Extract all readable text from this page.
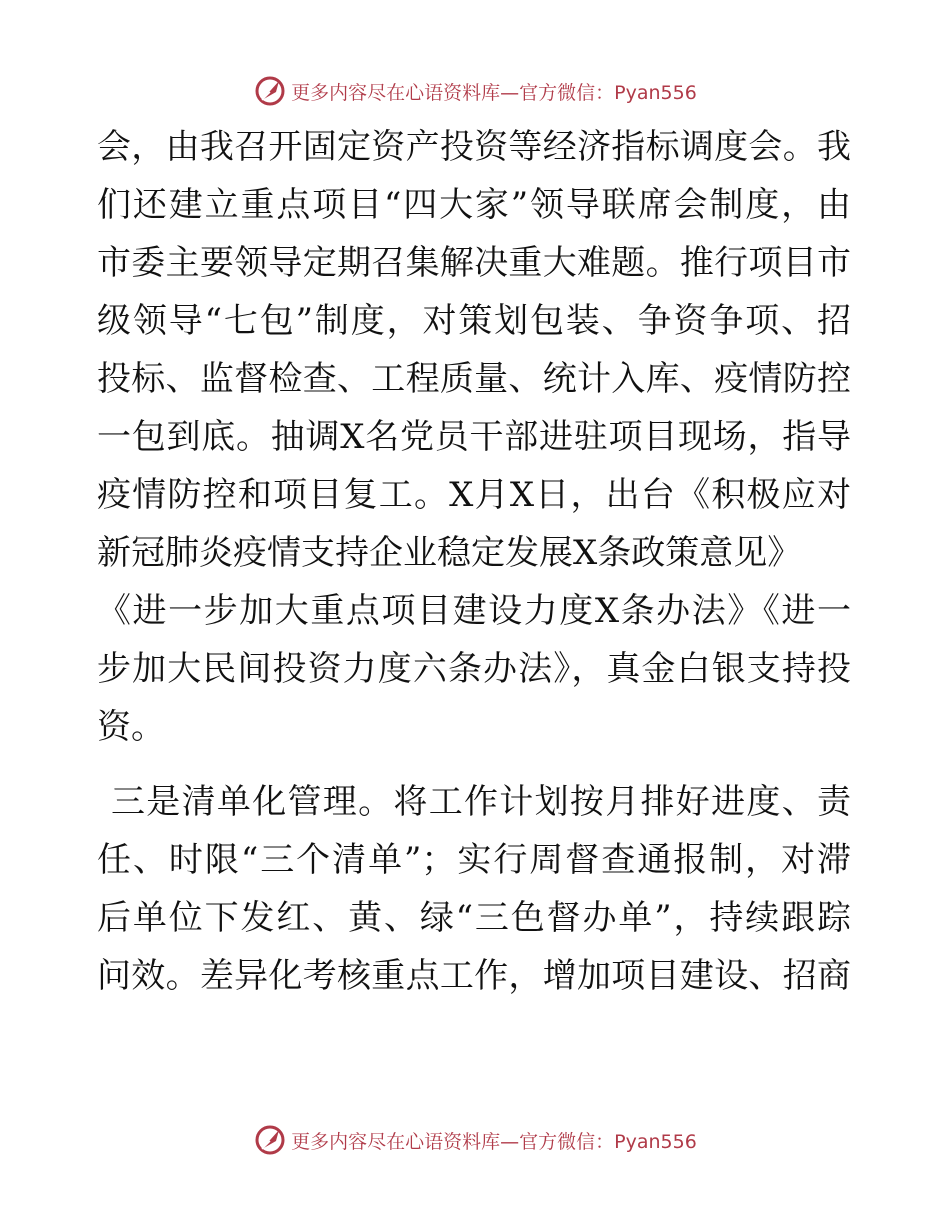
更多内容尽在心语资料库—官方微信：Pyan556
会，由我召开固定资产投资等经济指标调度会。我
们还建立重点项目“四大家”领导联席会制度，由
市委主要领导定期召集解决重大难题。推行项目市
级领导“七包”制度，对策划包装、争资争项、招
投标、监督检查、工程质量、统计入库、疫情防控
一包到底。抽调X名党员干部进驻项目现场，指导
疫情防控和项目复工。X月X日，出台《积极应对
新冠肺炎疫情支持企业稳定发展X条政策意见》
《进一步加大重点项目建设力度X条办法》《进一
步加大民间投资力度六条办法》，真金白银支持投
资。
三是清单化管理。将工作计划按月排好进度、责
任、时限“三个清单”；实行周督查通报制，对滞
后单位下发红、黄、绿“三色督办单”，持续跟踪
问效。差异化考核重点工作，增加项目建设、招商
更多内容尽在心语资料库—官方微信：Pyan556
